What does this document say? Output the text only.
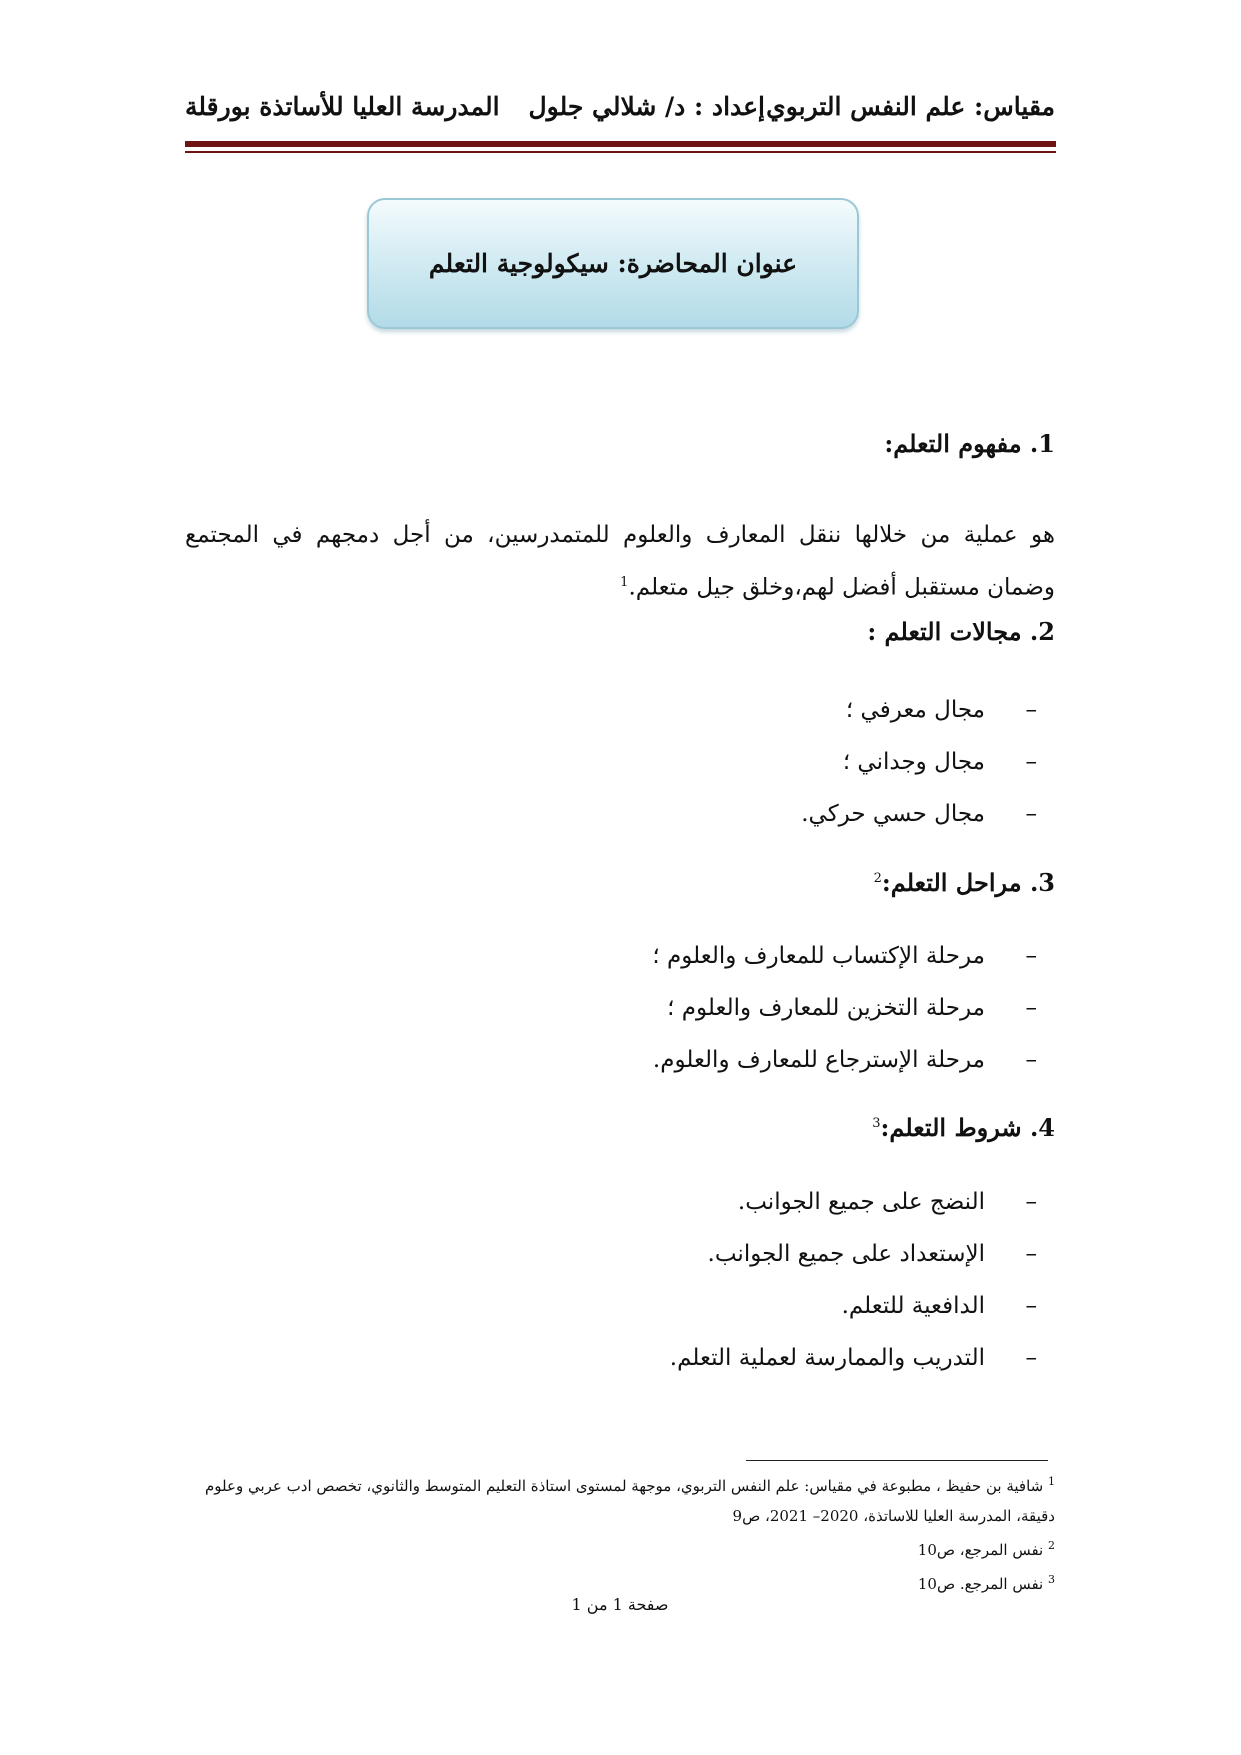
مقياس: علم النفس التربوي
إعداد : د/ شلالي جلول
المدرسة العليا للأساتذة بورقلة
عنوان المحاضرة: سيكولوجية التعلم
1. مفهوم التعلم:

هو عملية من خلالها ننقل المعارف والعلوم للمتمدرسين، من أجل دمجهم في المجتمع وضمان مستقبل أفضل لهم،وخلق جيل متعلم.$^1$

2. مجالات التعلم :
–
مجال معرفي ؛
–
مجال وجداني ؛
–
مجال حسي حركي.
3. مراحل التعلم:$^2$
–
مرحلة الإكتساب للمعارف والعلوم ؛
–
مرحلة التخزين للمعارف والعلوم ؛
–
مرحلة الإسترجاع للمعارف والعلوم.
4. شروط التعلم:$^3$
–
النضج على جميع الجوانب.
–
الإستعداد على جميع الجوانب.
–
الدافعية للتعلم.
–
التدريب والممارسة لعملية التعلم.

$^1$ شافية بن حفيظ ، مطبوعة في مقياس: علم النفس التربوي، موجهة لمستوى استاذة التعليم المتوسط والثانوي، تخصص ادب عربي وعلوم دقيقة، المدرسة العليا للاساتذة، 2020– 2021، ص9

$^2$ نفس المرجع، ص10

$^3$ نفس المرجع. ص10

صفحة 1 من 1
